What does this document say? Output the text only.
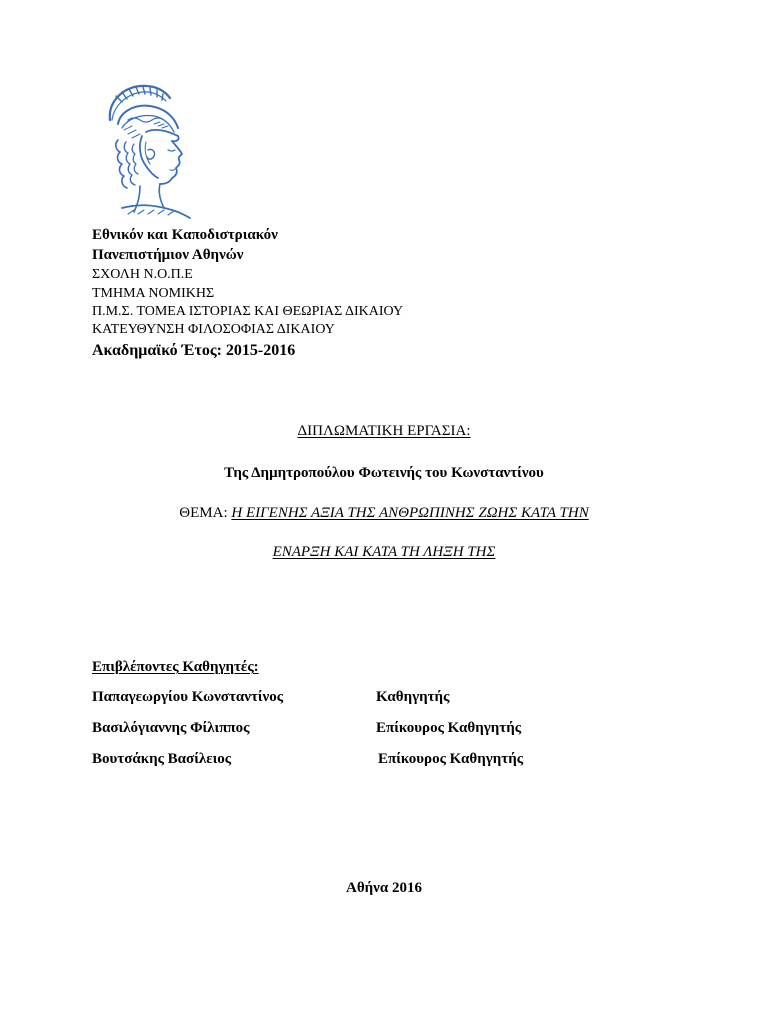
Εθνικόν και Καποδιστριακόν
Πανεπιστήμιον Αθηνών
ΣΧΟΛΗ Ν.Ο.Π.Ε
ΤΜΗΜΑ ΝΟΜΙΚΗΣ
Π.Μ.Σ. ΤΟΜΕΑ ΙΣΤΟΡΙΑΣ ΚΑΙ ΘΕΩΡΙΑΣ ΔΙΚΑΙΟΥ
ΚΑΤΕΥΘΥΝΣΗ ΦΙΛΟΣΟΦΙΑΣ ΔΙΚΑΙΟΥ
Ακαδημαϊκό Έτος: 2015-2016
ΔΙΠΛΩΜΑΤΙΚΗ ΕΡΓΑΣΙΑ:
Της Δημητροπούλου Φωτεινής του Κωνσταντίνου
ΘΕΜΑ: Η ΕΙΓΕΝΗΣ ΑΞΙΑ ΤΗΣ ΑΝΘΡΩΠΙΝΗΣ ΖΩΗΣ ΚΑΤΑ ΤΗΝ
ΕΝΑΡΞΗ ΚΑΙ ΚΑΤΑ ΤΗ ΛΗΞΗ ΤΗΣ
Επιβλέποντες Καθηγητές:
Παπαγεωργίου Κωνσταντίνος	Καθηγητής
Βασιλόγιαννης Φίλιππος	Επίκουρος Καθηγητής
Βουτσάκης Βασίλειος	Επίκουρος Καθηγητής
Αθήνα 2016
